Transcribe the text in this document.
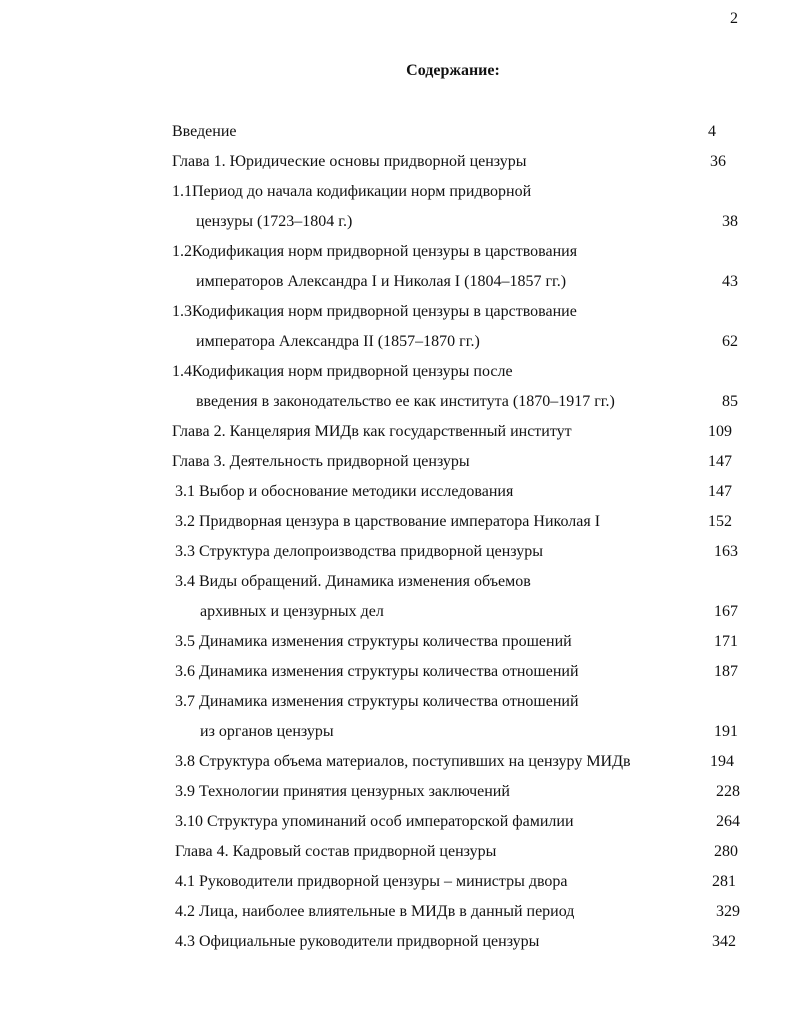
2
Содержание:
Введение	4
Глава 1. Юридические основы придворной цензуры	36
1.1Период до начала кодификации норм придворной
цензуры (1723–1804 г.)	38
1.2Кодификация норм придворной цензуры в царствования
императоров Александра I и Николая I (1804–1857 гг.)	43
1.3Кодификация норм придворной цензуры в царствование
императора Александра II (1857–1870 гг.)	62
1.4Кодификация норм придворной цензуры после
введения в законодательство ее как института (1870–1917 гг.)	85
Глава 2. Канцелярия МИДв как государственный институт	109
Глава 3. Деятельность придворной цензуры	147
3.1 Выбор и обоснование методики исследования	147
3.2 Придворная цензура в царствование императора Николая I	152
3.3 Структура делопроизводства придворной цензуры	163
3.4 Виды обращений. Динамика изменения объемов
архивных и цензурных дел	167
3.5 Динамика изменения структуры количества прошений	171
3.6 Динамика изменения структуры количества отношений	187
3.7 Динамика изменения структуры количества отношений
из органов цензуры	191
3.8 Структура объема материалов, поступивших на цензуру МИДв	194
3.9 Технологии принятия цензурных заключений	228
3.10 Структура упоминаний особ императорской фамилии	264
Глава 4. Кадровый состав придворной цензуры	280
4.1 Руководители придворной цензуры – министры двора	281
4.2 Лица, наиболее влиятельные в МИДв в данный период	329
4.3 Официальные руководители придворной цензуры	342
